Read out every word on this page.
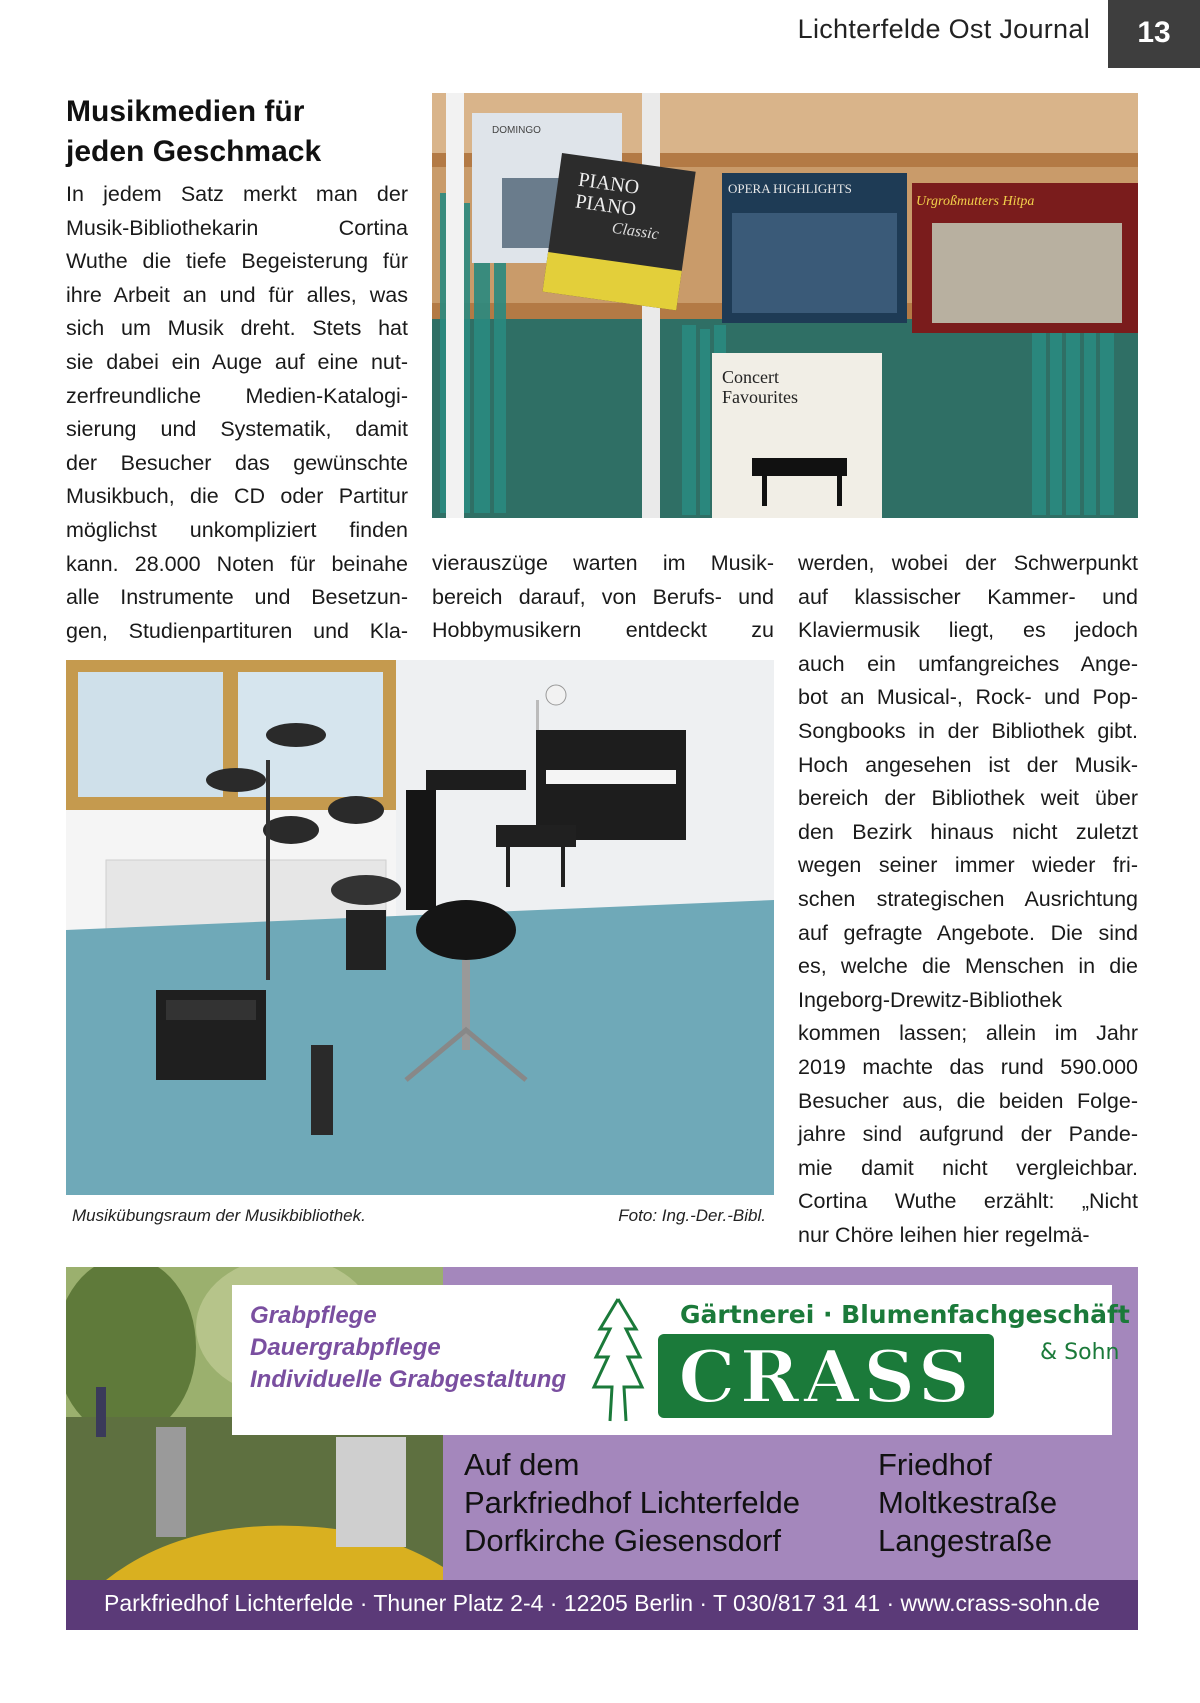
Lichterfelde Ost Journal	13
Musikmedien für
jeden Geschmack
In jedem Satz merkt man der
Musik-Bibliothekarin Cortina
Wuthe die tiefe Begeisterung für
ihre Arbeit an und für alles, was
sich um Musik dreht. Stets hat
sie dabei ein Auge auf eine nut-
zerfreundliche Medien-Katalogi-
sierung und Systematik, damit
der Besucher das gewünschte
Musikbuch, die CD oder Partitur
möglichst unkompliziert finden
kann. 28.000 Noten für beinahe
alle Instrumente und Besetzun-
gen, Studienpartituren und Kla-
DOMINGO
PIANO
PIANO
Classic
OPERA HIGHLIGHTS
Urgroßmutters Hitpa
Concert
Favourites
vierauszüge warten im Musik-
bereich darauf, von Berufs- und
Hobbymusikern entdeckt zu
werden, wobei der Schwerpunkt
auf klassischer Kammer- und
Klaviermusik liegt, es jedoch
auch ein umfangreiches Ange-
bot an Musical-, Rock- und Pop-
Songbooks in der Bibliothek gibt.
Hoch angesehen ist der Musik-
bereich der Bibliothek weit über
den Bezirk hinaus nicht zuletzt
wegen seiner immer wieder fri-
schen strategischen Ausrichtung
auf gefragte Angebote. Die sind
es, welche die Menschen in die
Ingeborg-Drewitz-Bibliothek
kommen lassen; allein im Jahr
2019 machte das rund 590.000
Besucher aus, die beiden Folge-
jahre sind aufgrund der Pande-
mie damit nicht vergleichbar.
Cortina Wuthe erzählt: „Nicht
nur Chöre leihen hier regelmä-
Musikübungsraum der Musikbibliothek.	Foto: Ing.-Der.-Bibl.
Grabpflege
Dauergrabpflege
Individuelle Grabgestaltung
Gärtnerei · Blumenfachgeschäft
CRASS	& Sohn
Auf dem
Parkfriedhof Lichterfelde
Dorfkirche Giesensdorf
Friedhof
Moltkestraße
Langestraße
Parkfriedhof Lichterfelde · Thuner Platz 2-4 · 12205 Berlin · T 030/817 31 41 · www.crass-sohn.de
